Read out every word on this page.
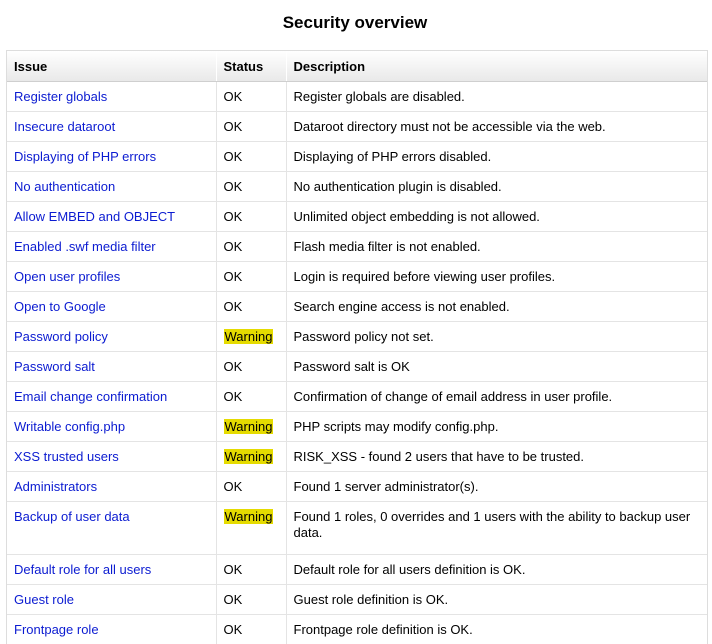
Security overview
Issue	Status	Description
Register globals	OK	Register globals are disabled.
Insecure dataroot	OK	Dataroot directory must not be accessible via the web.
Displaying of PHP errors	OK	Displaying of PHP errors disabled.
No authentication	OK	No authentication plugin is disabled.
Allow EMBED and OBJECT	OK	Unlimited object embedding is not allowed.
Enabled .swf media filter	OK	Flash media filter is not enabled.
Open user profiles	OK	Login is required before viewing user profiles.
Open to Google	OK	Search engine access is not enabled.
Password policy	Warning	Password policy not set.
Password salt	OK	Password salt is OK
Email change confirmation	OK	Confirmation of change of email address in user profile.
Writable config.php	Warning	PHP scripts may modify config.php.
XSS trusted users	Warning	RISK_XSS - found 2 users that have to be trusted.
Administrators	OK	Found 1 server administrator(s).
Backup of user data	Warning	Found 1 roles, 0 overrides and 1 users with the ability to backup user data.
Default role for all users	OK	Default role for all users definition is OK.
Guest role	OK	Guest role definition is OK.
Frontpage role	OK	Frontpage role definition is OK.
